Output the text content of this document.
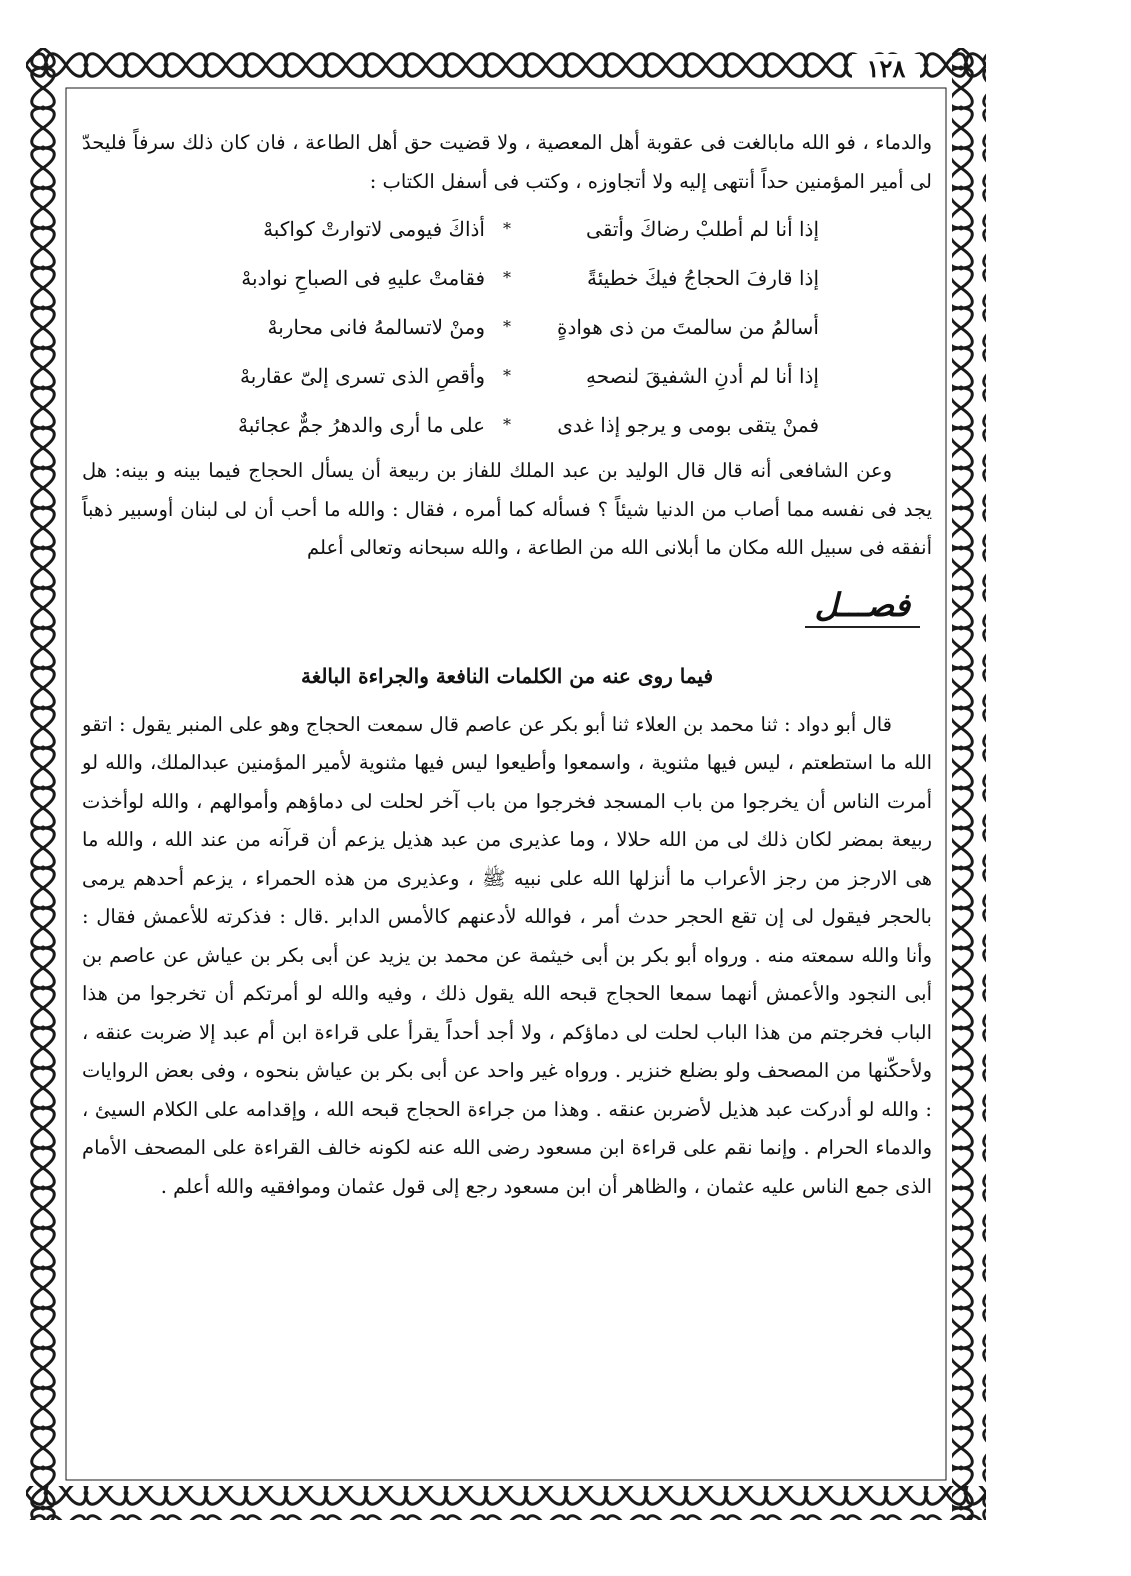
١٢٨

والدماء ، فو الله مابالغت فى عقوبة أهل المعصية ، ولا قضيت حق أهل الطاعة ، فان كان ذلك سرفاً فليحدّ لى أمير المؤمنين حداً أنتهى إليه ولا أتجاوزه ، وكتب فى أسفل الكتاب :

إذا أنا لم أطلبْ رضاكَ وأتقى
*
أذاكَ فيومى لاتوارتْ كواكبهْ
إذا قارفَ الحجاجُ فيكَ خطيئةً
*
فقامتْ عليهِ فى الصباحِ نوادبهْ
أسالمُ من سالمتَ من ذى هوادةٍ
*
ومنْ لاتسالمهُ فانى محاربهْ
إذا أنا لم أدنِ الشفيقَ لنصحهِ
*
وأقصِ الذى تسرى إلىّ عقاربهْ
فمنْ يتقى بومى و يرجو إذا غدى
*
على ما أرى والدهرُ جمٌّ عجائبهْ

وعن الشافعى أنه قال قال الوليد بن عبد الملك للفاز بن ربيعة أن يسأل الحجاج فيما بينه و بينه: هل يجد فى نفسه مما أصاب من الدنيا شيئاً ؟ فسأله كما أمره ، فقال : والله ما أحب أن لى لبنان أوسبير ذهباً أنفقه فى سبيل الله مكان ما أبلانى الله من الطاعة ، والله سبحانه وتعالى أعلم

فصـــل
فيما روى عنه من الكلمات النافعة والجراءة البالغة

قال أبو دواد : ثنا محمد بن العلاء ثنا أبو بكر عن عاصم قال سمعت الحجاج وهو على المنبر يقول : اتقو الله ما استطعتم ، ليس فيها مثنوية ، واسمعوا وأطيعوا ليس فيها مثنوية لأمير المؤمنين عبدالملك، والله لو أمرت الناس أن يخرجوا من باب المسجد فخرجوا من باب آخر لحلت لى دماؤهم وأموالهم ، والله لوأخذت ربيعة بمضر لكان ذلك لى من الله حلالا ، وما عذيرى من عبد هذيل يزعم أن قرآنه من عند الله ، والله ما هى الارجز من رجز الأعراب ما أنزلها الله على نبيه ﷺ ، وعذيرى من هذه الحمراء ، يزعم أحدهم يرمى بالحجر فيقول لى إن تقع الحجر حدث أمر ، فوالله لأدعنهم كالأمس الدابر .قال : فذكرته للأعمش فقال : وأنا والله سمعته منه . ورواه أبو بكر بن أبى خيثمة عن محمد بن يزيد عن أبى بكر بن عياش عن عاصم بن أبى النجود والأعمش أنهما سمعا الحجاج قبحه الله يقول ذلك ، وفيه والله لو أمرتكم أن تخرجوا من هذا الباب فخرجتم من هذا الباب لحلت لى دماؤكم ، ولا أجد أحداً يقرأ على قراءة ابن أم عبد إلا ضربت عنقه ، ولأحكّنها من المصحف ولو بضلع خنزير . ورواه غير واحد عن أبى بكر بن عياش بنحوه ، وفى بعض الروايات : والله لو أدركت عبد هذيل لأضربن عنقه . وهذا من جراءة الحجاج قبحه الله ، وإقدامه على الكلام السيئ ، والدماء الحرام . وإنما نقم على قراءة ابن مسعود رضى الله عنه لكونه خالف القراءة على المصحف الأمام الذى جمع الناس عليه عثمان ، والظاهر أن ابن مسعود رجع إلى قول عثمان وموافقيه والله أعلم .
